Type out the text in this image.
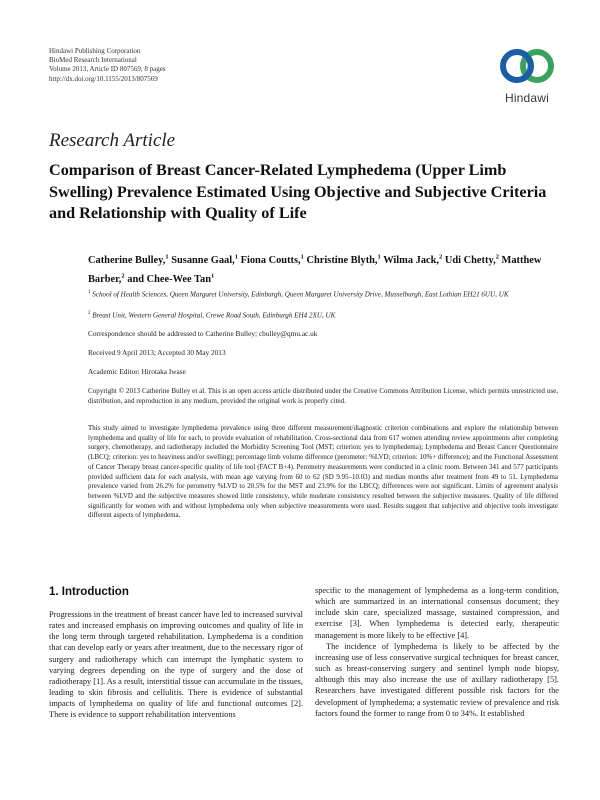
Hindawi Publishing Corporation
BioMed Research International
Volume 2013, Article ID 807569, 8 pages
http://dx.doi.org/10.1155/2013/807569
Hindawi
Research Article
Comparison of Breast Cancer-Related Lymphedema (Upper Limb Swelling) Prevalence Estimated Using Objective and Subjective Criteria and Relationship with Quality of Life
Catherine Bulley,$^1$ Susanne Gaal,$^1$ Fiona Coutts,$^1$ Christine Blyth,$^1$ Wilma Jack,$^2$ Udi Chetty,$^2$ Matthew Barber,$^2$ and Chee-Wee Tan$^1$
$^1$ School of Health Sciences, Queen Margaret University, Edinburgh, Queen Margaret University Drive, Musselburgh, East Lothian EH21 6UU, UK
$^2$ Breast Unit, Western General Hospital, Crewe Road South, Edinburgh EH4 2XU, UK
Correspondence should be addressed to Catherine Bulley; cbulley@qmu.ac.uk
Received 9 April 2013; Accepted 30 May 2013
Academic Editor: Hirotaka Iwase
Copyright © 2013 Catherine Bulley et al. This is an open access article distributed under the Creative Commons Attribution License, which permits unrestricted use, distribution, and reproduction in any medium, provided the original work is properly cited.
This study aimed to investigate lymphedema prevalence using three different measurement/diagnostic criterion combinations and explore the relationship between lymphedema and quality of life for each, to provide evaluation of rehabilitation. Cross-sectional data from 617 women attending review appointments after completing surgery, chemotherapy, and radiotherapy included the Morbidity Screening Tool (MST; criterion: yes to lymphedema); Lymphedema and Breast Cancer Questionnaire (LBCQ; criterion: yes to heaviness and/or swelling); percentage limb volume difference (perometer: %LVD; criterion: 10%+ difference); and the Functional Assessment of Cancer Therapy breast cancer-specific quality of life tool (FACT B+4). Perometry measurements were conducted in a clinic room. Between 341 and 577 participants provided sufficient data for each analysis, with mean age varying from 60 to 62 (SD 9.95–10.03) and median months after treatment from 49 to 51. Lymphedema prevalence varied from 26.2% for perometry %LVD to 20.5% for the MST and 23.9% for the LBCQ; differences were not significant. Limits of agreement analysis between %LVD and the subjective measures showed little consistency, while moderate consistency resulted between the subjective measures. Quality of life differed significantly for women with and without lymphedema only when subjective measurements were used. Results suggest that subjective and objective tools investigate different aspects of lymphedema.
1. Introduction

Progressions in the treatment of breast cancer have led to increased survival rates and increased emphasis on improving outcomes and quality of life in the long term through targeted rehabilitation. Lymphedema is a condition that can develop early or years after treatment, due to the necessary rigor of surgery and radiotherapy which can interrupt the lymphatic system to varying degrees depending on the type of surgery and the dose of radiotherapy [1]. As a result, interstitial tissue can accumulate in the tissues, leading to skin fibrosis and cellulitis. There is evidence of substantial impacts of lymphedema on quality of life and functional outcomes [2]. There is evidence to support rehabilitation interventions

specific to the management of lymphedema as a long-term condition, which are summarized in an international consensus document; they include skin care, specialized massage, sustained compression, and exercise [3]. When lymphedema is detected early, therapeutic management is more likely to be effective [4].

The incidence of lymphedema is likely to be affected by the increasing use of less conservative surgical techniques for breast cancer, such as breast-conserving surgery and sentinel lymph node biopsy, although this may also increase the use of axillary radiotherapy [5]. Researchers have investigated different possible risk factors for the development of lymphedema; a systematic review of prevalence and risk factors found the former to range from 0 to 34%. It established
